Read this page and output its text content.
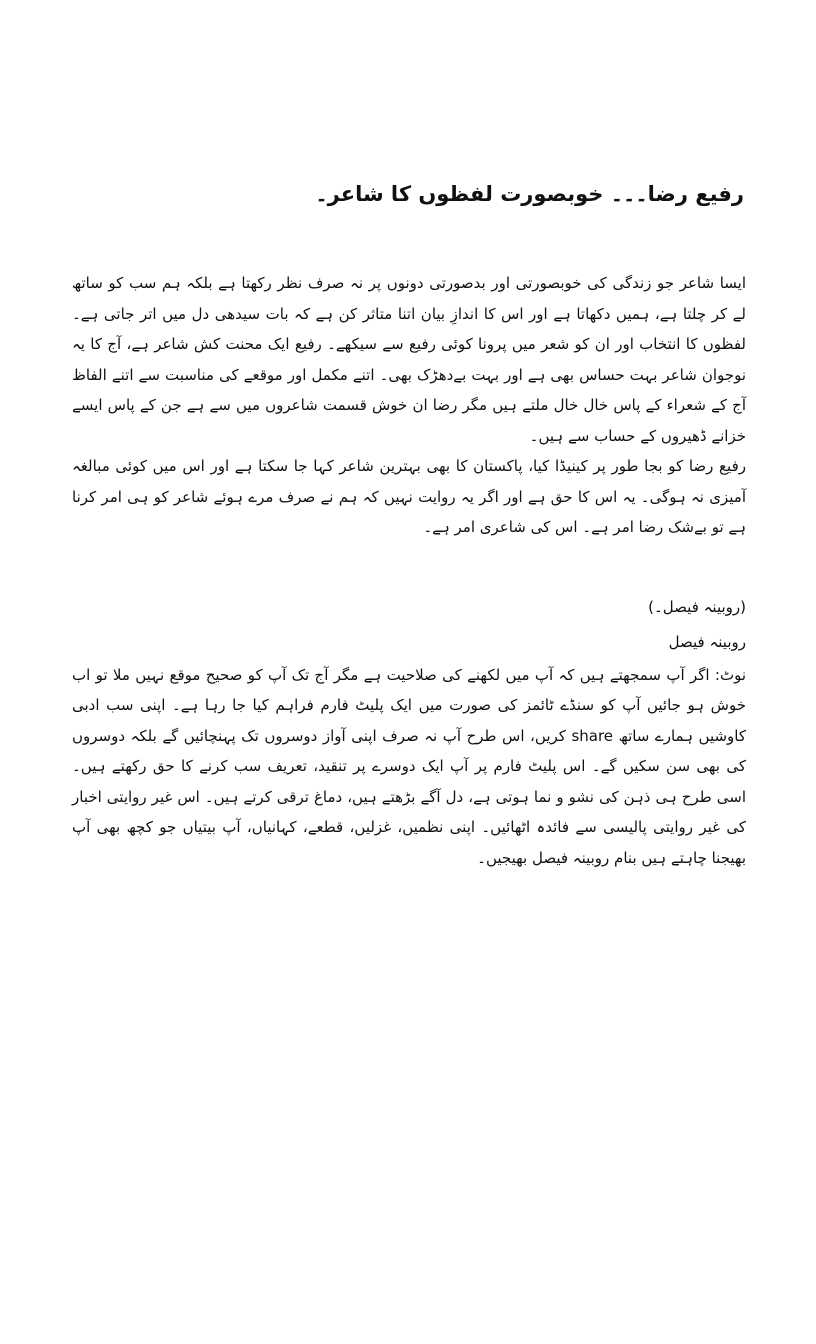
رفیع رضا۔۔۔ خوبصورت لفظوں کا شاعر۔

ایسا شاعر جو زندگی کی خوبصورتی اور بدصورتی دونوں پر نہ صرف نظر رکھتا ہے بلکہ ہم سب کو ساتھ لے کر چلتا ہے، ہمیں دکھاتا ہے اور اس کا اندازِ بیان اتنا متاثر کن ہے کہ بات سیدھی دل میں اتر جاتی ہے۔ لفظوں کا انتخاب اور ان کو شعر میں پرونا کوئی رفیع سے سیکھے۔ رفیع ایک محنت کش شاعر ہے، آج کا یہ نوجوان شاعر بہت حساس بھی ہے اور بہت بےدھڑک بھی۔ اتنے مکمل اور موقعے کی مناسبت سے اتنے الفاظ آج کے شعراء کے پاس خال خال ملتے ہیں مگر رضا ان خوش قسمت شاعروں میں سے ہے جن کے پاس ایسے خزانے ڈھیروں کے حساب سے ہیں۔

رفیع رضا کو بجا طور پر کینیڈا کیا، پاکستان کا بھی بہترین شاعر کہا جا سکتا ہے اور اس میں کوئی مبالغہ آمیزی نہ ہوگی۔ یہ اس کا حق ہے اور اگر یہ روایت نہیں کہ ہم نے صرف مرے ہوئے شاعر کو ہی امر کرنا ہے تو بےشک رضا امر ہے۔ اس کی شاعری امر ہے۔

(روبینہ فیصل۔)

روبینہ فیصل

نوٹ: اگر آپ سمجھتے ہیں کہ آپ میں لکھنے کی صلاحیت ہے مگر آج تک آپ کو صحیح موقع نہیں ملا تو اب خوش ہو جائیں آپ کو سنڈے ٹائمز کی صورت میں ایک پلیٹ فارم فراہم کیا جا رہا ہے۔ اپنی سب ادبی کاوشیں ہمارے ساتھ share کریں، اس طرح آپ نہ صرف اپنی آواز دوسروں تک پہنچائیں گے بلکہ دوسروں کی بھی سن سکیں گے۔ اس پلیٹ فارم پر آپ ایک دوسرے پر تنقید، تعریف سب کرنے کا حق رکھتے ہیں۔ اسی طرح ہی ذہن کی نشو و نما ہوتی ہے، دل آگے بڑھتے ہیں، دماغ ترقی کرتے ہیں۔ اس غیر روایتی اخبار کی غیر روایتی پالیسی سے فائدہ اٹھائیں۔ اپنی نظمیں، غزلیں، قطعے، کہانیاں، آپ بیتیاں جو کچھ بھی آپ بھیجنا چاہتے ہیں بنام روبینہ فیصل بھیجیں۔
